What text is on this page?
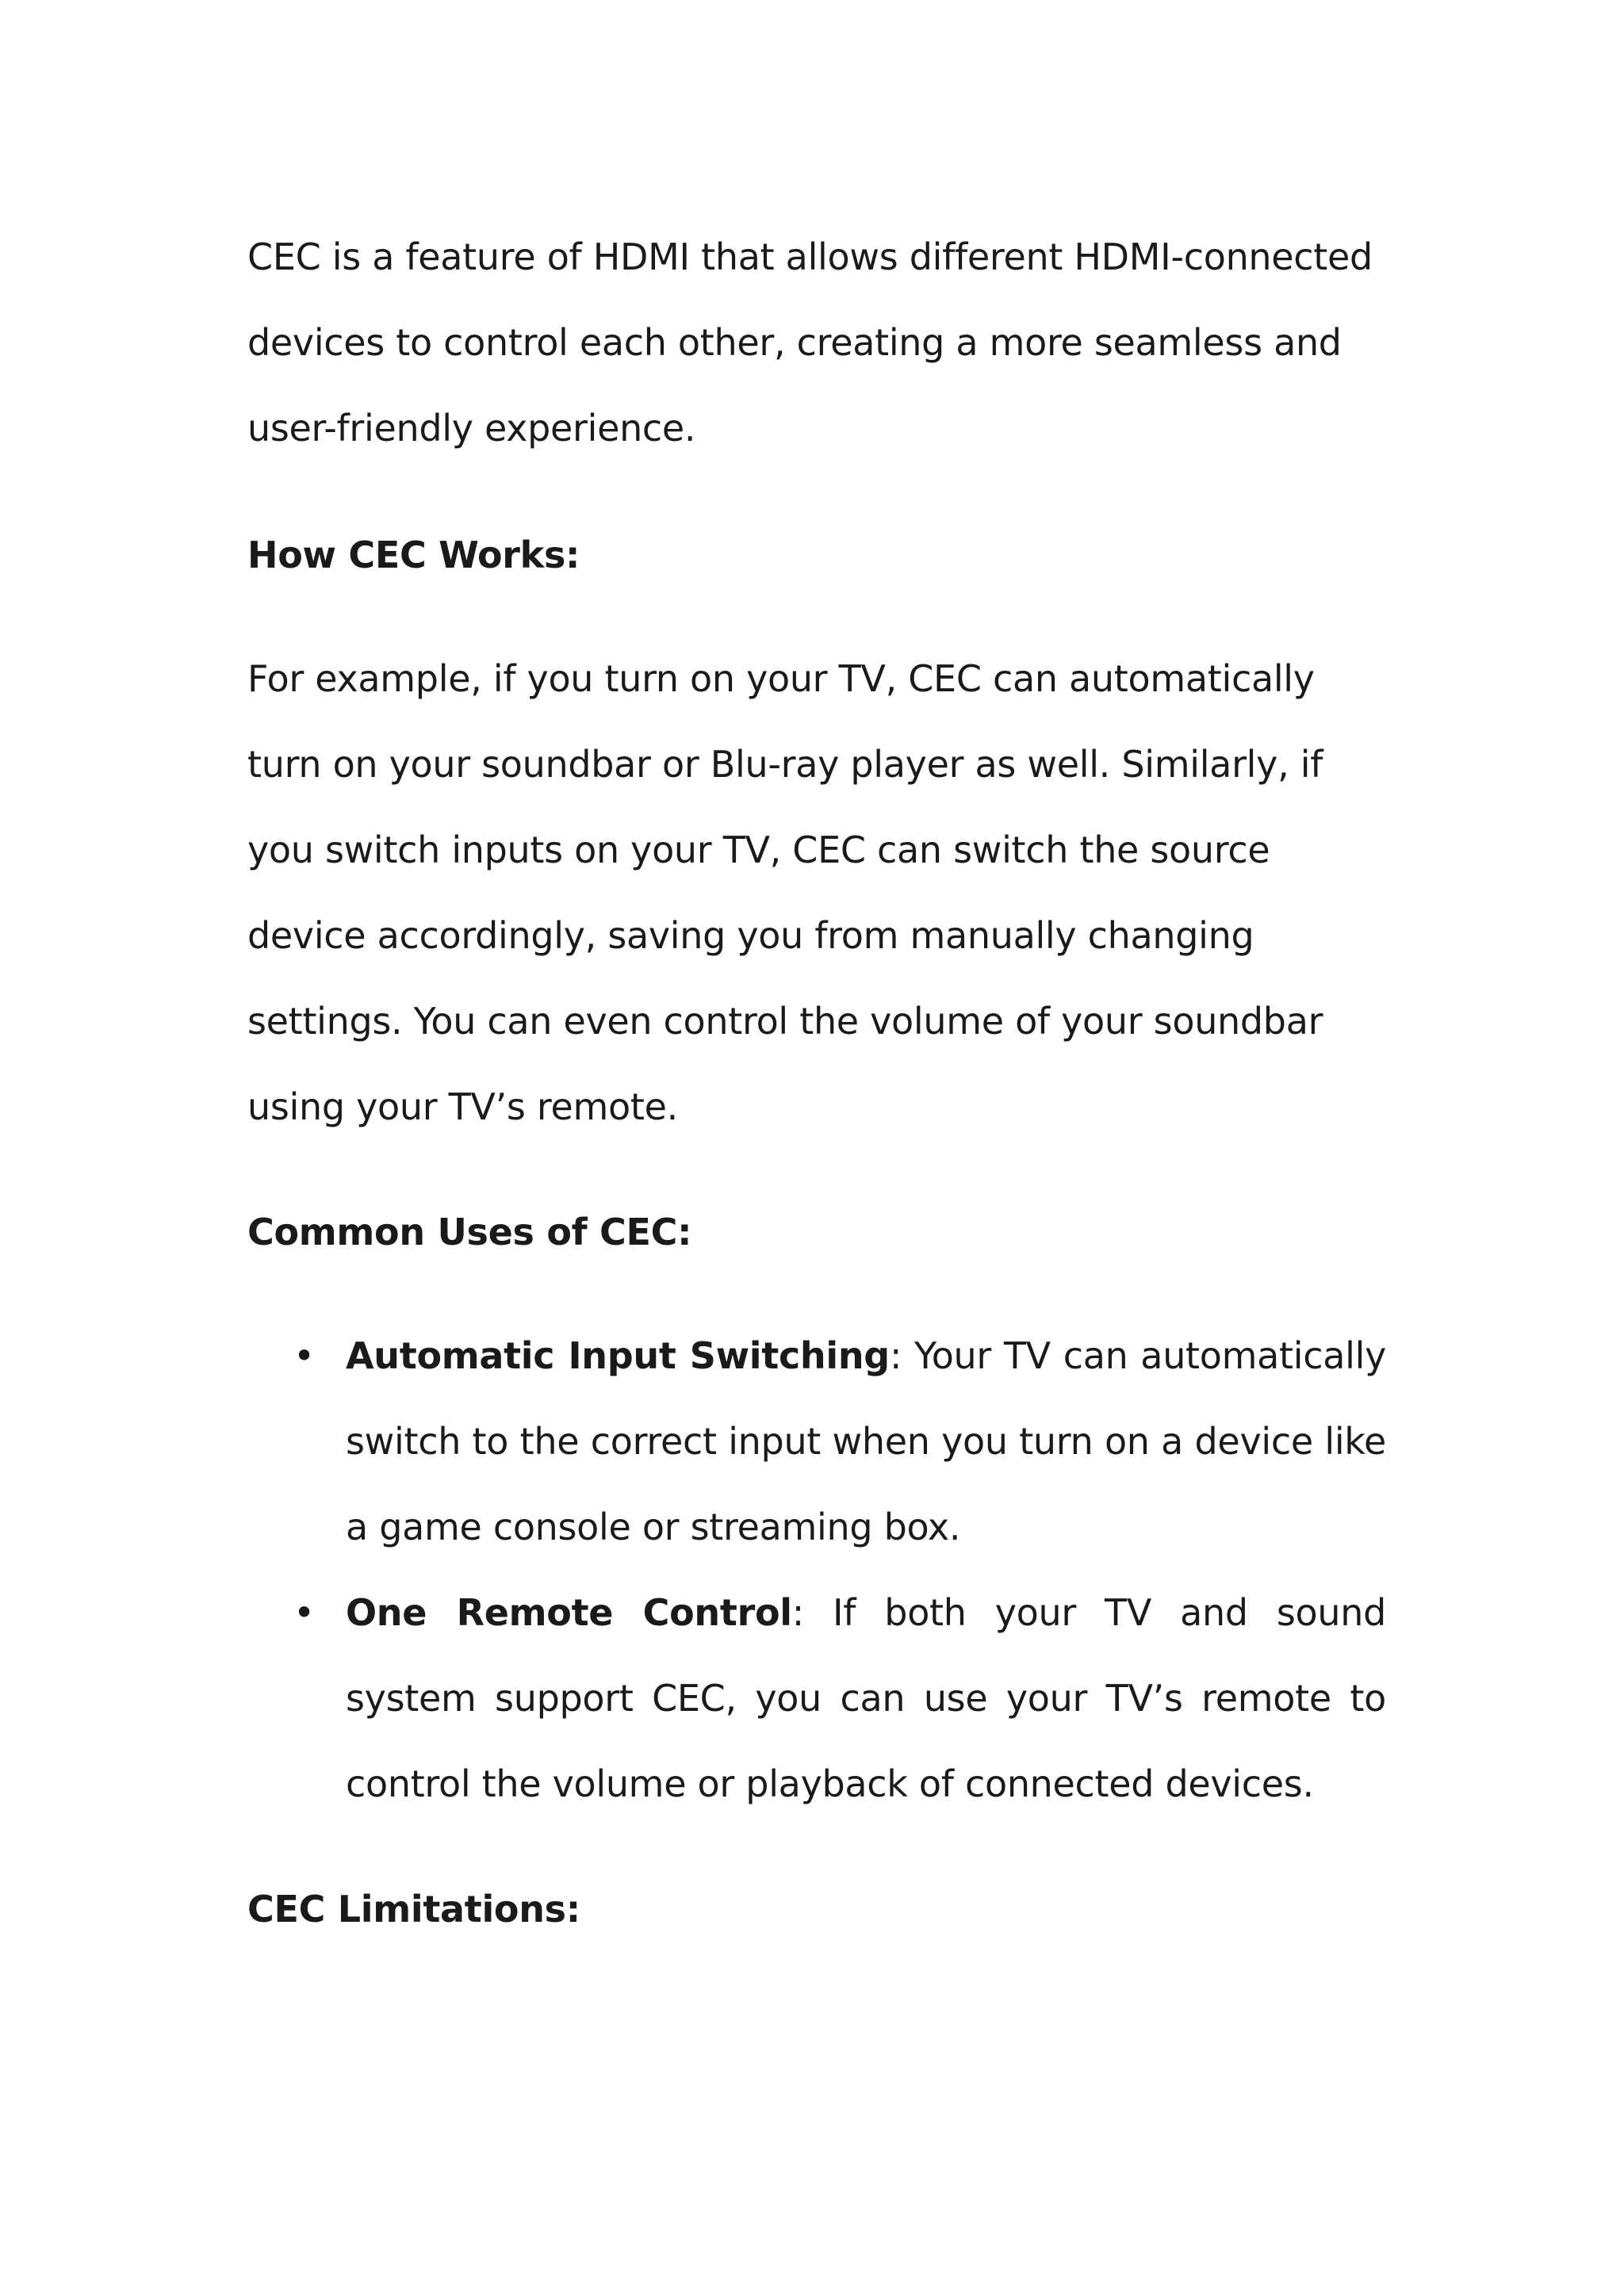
CEC is a feature of HDMI that allows different HDMI-connected devices to control each other, creating a more seamless and user-friendly experience.

How CEC Works:

For example, if you turn on your TV, CEC can automatically turn on your soundbar or Blu-ray player as well. Similarly, if you switch inputs on your TV, CEC can switch the source device accordingly, saving you from manually changing settings. You can even control the volume of your soundbar using your TV’s remote.

Common Uses of CEC:
• Automatic Input Switching: Your TV can automatically switch to the correct input when you turn on a device like a game console or streaming box.
• One Remote Control: If both your TV and sound system support CEC, you can use your TV’s remote to control the volume or playback of connected devices.
CEC Limitations:
